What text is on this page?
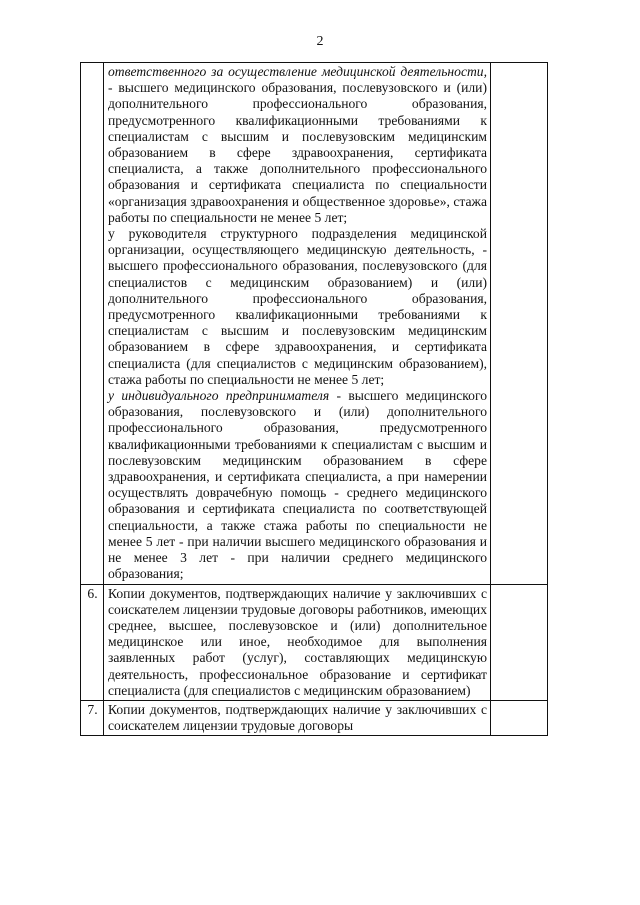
2

	ответственного за осуществление медицинской деятельности, - высшего медицинского образования, послевузовского и (или) дополнительного профессионального образования, предусмотренного квалификационными требованиями к специалистам с высшим и послевузовским медицинским образованием в сфере здравоохранения, сертификата специалиста, а также дополнительного профессионального образования и сертификата специалиста по специальности «организация здравоохранения и общественное здоровье», стажа работы по специальности не менее 5 лет;

у руководителя структурного подразделения медицинской организации, осуществляющего медицинскую деятельность, - высшего профессионального образования, послевузовского (для специалистов с медицинским образованием) и (или) дополнительного профессионального образования, предусмотренного квалификационными требованиями к специалистам с высшим и послевузовским медицинским образованием в сфере здравоохранения, и сертификата специалиста (для специалистов с медицинским образованием), стажа работы по специальности не менее 5 лет;

у индивидуального предпринимателя - высшего медицинского образования, послевузовского и (или) дополнительного профессионального образования, предусмотренного квалификационными требованиями к специалистам с высшим и послевузовским медицинским образованием в сфере здравоохранения, и сертификата специалиста, а при намерении осуществлять доврачебную помощь - среднего медицинского образования и сертификата специалиста по соответствующей специальности, а также стажа работы по специальности не менее 5 лет - при наличии высшего медицинского образования и не менее 3 лет - при наличии среднего медицинского образования;	

6.	Копии документов, подтверждающих наличие у заключивших с соискателем лицензии трудовые договоры работников, имеющих среднее, высшее, послевузовское и (или) дополнительное медицинское или иное, необходимое для выполнения заявленных работ (услуг), составляющих медицинскую деятельность, профессиональное образование и сертификат специалиста (для специалистов с медицинским образованием)	

7.	Копии документов, подтверждающих наличие у заключивших с соискателем лицензии трудовые договоры	
